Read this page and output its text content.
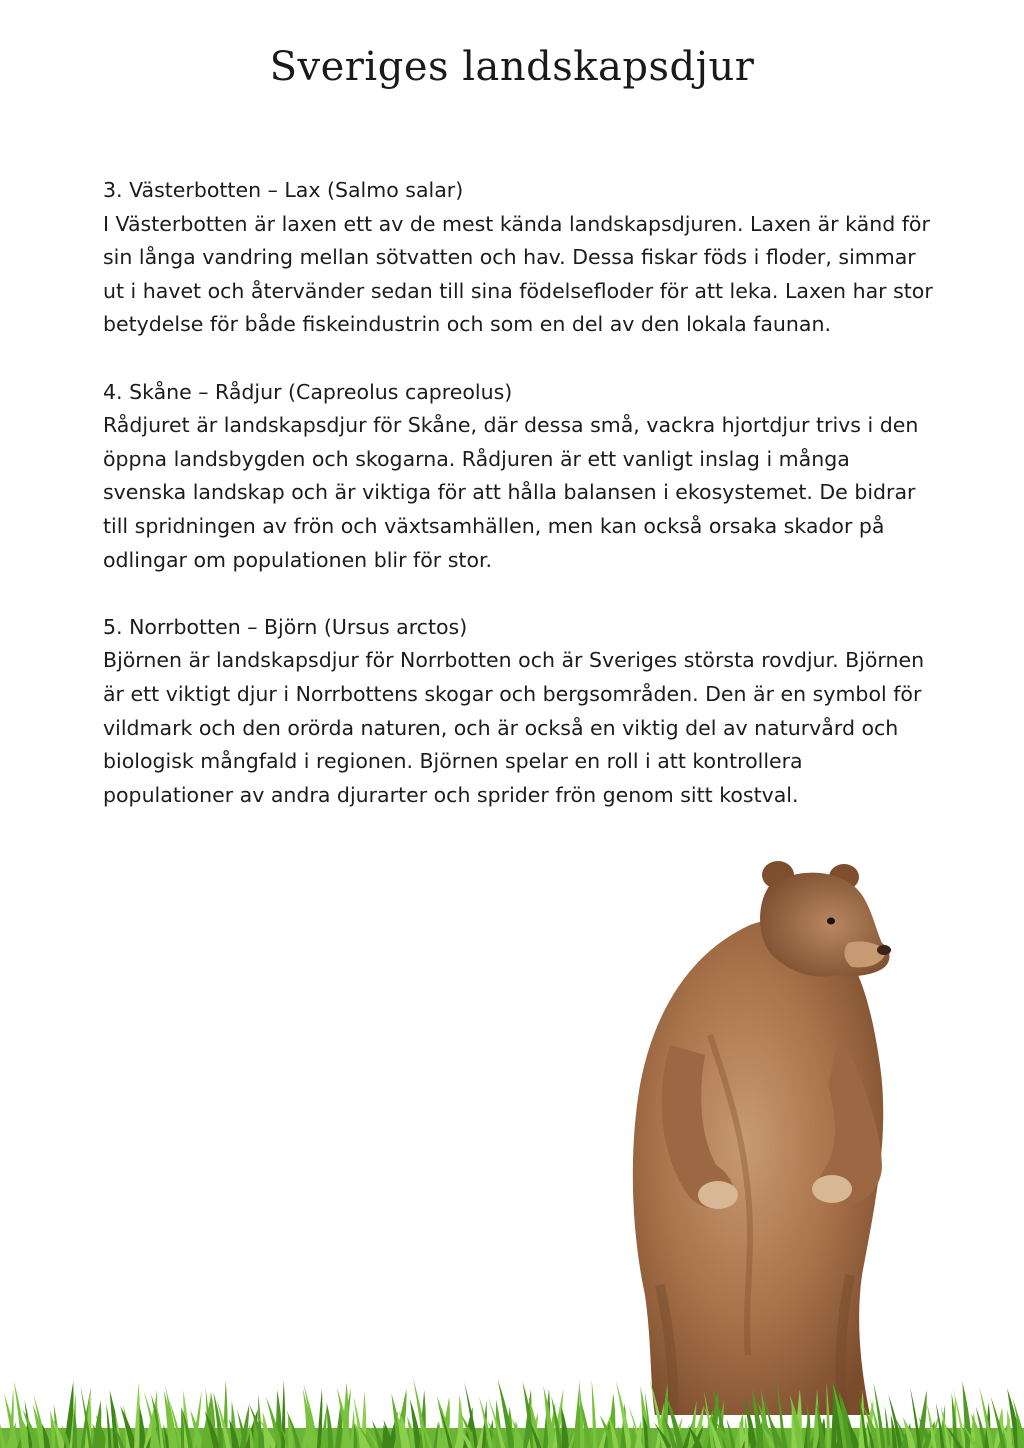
Sveriges landskapsdjur

3. Västerbotten – Lax (Salmo salar)

I Västerbotten är laxen ett av de mest kända landskapsdjuren. Laxen är känd för sin långa vandring mellan sötvatten och hav. Dessa fiskar föds i floder, simmar ut i havet och återvänder sedan till sina födelsefloder för att leka. Laxen har stor betydelse för både fiskeindustrin och som en del av den lokala faunan.

4. Skåne – Rådjur (Capreolus capreolus)

Rådjuret är landskapsdjur för Skåne, där dessa små, vackra hjortdjur trivs i den öppna landsbygden och skogarna. Rådjuren är ett vanligt inslag i många svenska landskap och är viktiga för att hålla balansen i ekosystemet. De bidrar till spridningen av frön och växtsamhällen, men kan också orsaka skador på odlingar om populationen blir för stor.

5. Norrbotten – Björn (Ursus arctos)

Björnen är landskapsdjur för Norrbotten och är Sveriges största rovdjur. Björnen är ett viktigt djur i Norrbottens skogar och bergsområden. Den är en symbol för vildmark och den orörda naturen, och är också en viktig del av naturvård och biologisk mångfald i regionen. Björnen spelar en roll i att kontrollera populationer av andra djurarter och sprider frön genom sitt kostval.
